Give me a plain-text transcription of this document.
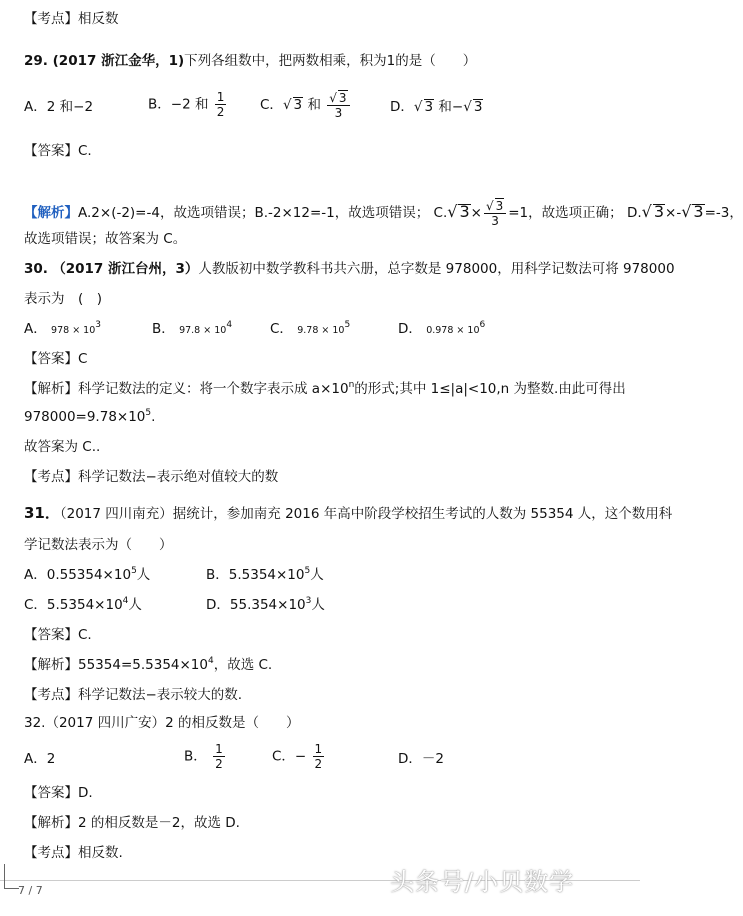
【考点】相反数
29. (2017 浙江金华，1)下列各组数中，把两数相乘，积为1的是（　　）
A．2 和−2	B．−2 和 $\frac{1}{2}$ C．√ 3 和 $\frac{√ 3}{3}$	D．√ 3 和−√ 3
【答案】C.
【解析】A.2×(-2)=-4，故选项错误；B.-2×12=-1，故选项错误； C.√ $3\times \frac{√ 3}{3} =1$，故选项正确； D.√ 3×-√ 3=-3，
故选项错误；故答案为 C。
30. （2017 浙江台州，3）人教版初中数学教科书共六册，总字数是 978000，用科学记数法可将 978000
表示为　(　)
A． $978 \times 10^3$	B． $97.8 \times 10^4$	C． $9.78 \times 10^5$	D． $0.978 \times 10^6$
【答案】C
【解析】科学记数法的定义：将一个数字表示成 $a\times 10^n$的形式;其中 1≤|a|<10,n 为整数.由此可得出
$978000=9.78\times 10^5$.
故答案为 C..
【考点】科学记数法−表示绝对值较大的数
31．（2017 四川南充）据统计，参加南充 2016 年高中阶段学校招生考试的人数为 55354 人，这个数用科
学记数法表示为（　　）
A．$0.55354\times 10^5$人	B．$5.5354\times 10^5$人
C．$5.5354\times 10^4$人	D．$55.354\times 10^3$人
【答案】C.
【解析】$55354=5.5354\times 10^4$，故选 C.
【考点】科学记数法−表示较大的数.
32.（2017 四川广安）2 的相反数是（　　）
A．2	B． $\frac{1}{2}$	C．− $\frac{1}{2}$	D．－2
【答案】D.
【解析】2 的相反数是－2，故选 D.
【考点】相反数.
7 / 7	头条号/小贝数学
